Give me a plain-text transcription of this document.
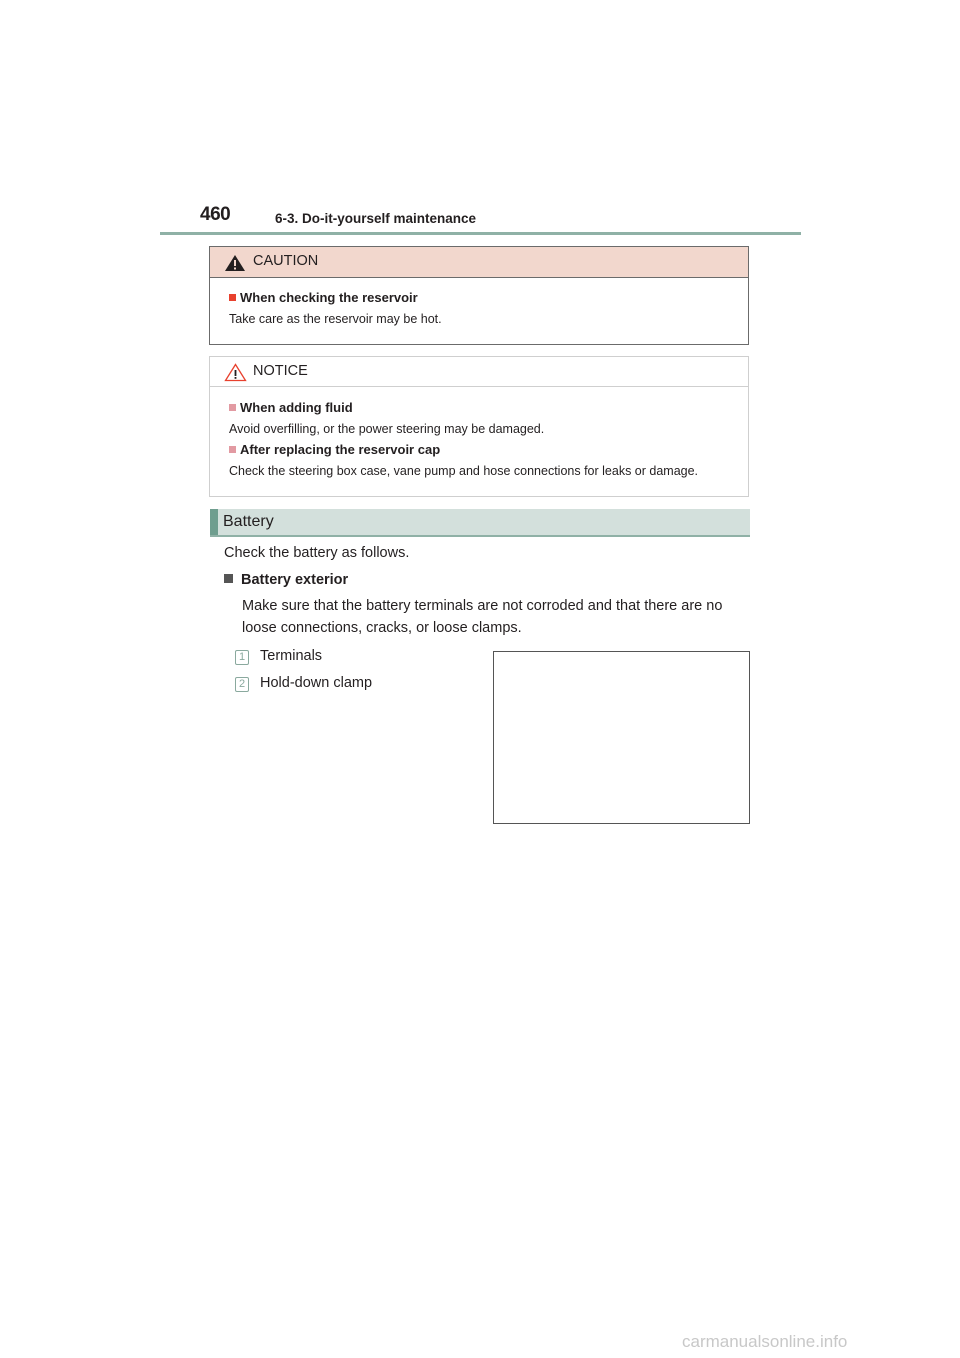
460	6-3. Do-it-yourself maintenance
CAUTION
When checking the reservoir
Take care as the reservoir may be hot.
NOTICE
When adding fluid
Avoid overfilling, or the power steering may be damaged.
After replacing the reservoir cap
Check the steering box case, vane pump and hose connections for leaks or damage.
Battery
Check the battery as follows.
Battery exterior
Make sure that the battery terminals are not corroded and that there are no
loose connections, cracks, or loose clamps.
1 Terminals
2 Hold-down clamp
carmanualsonline.info
